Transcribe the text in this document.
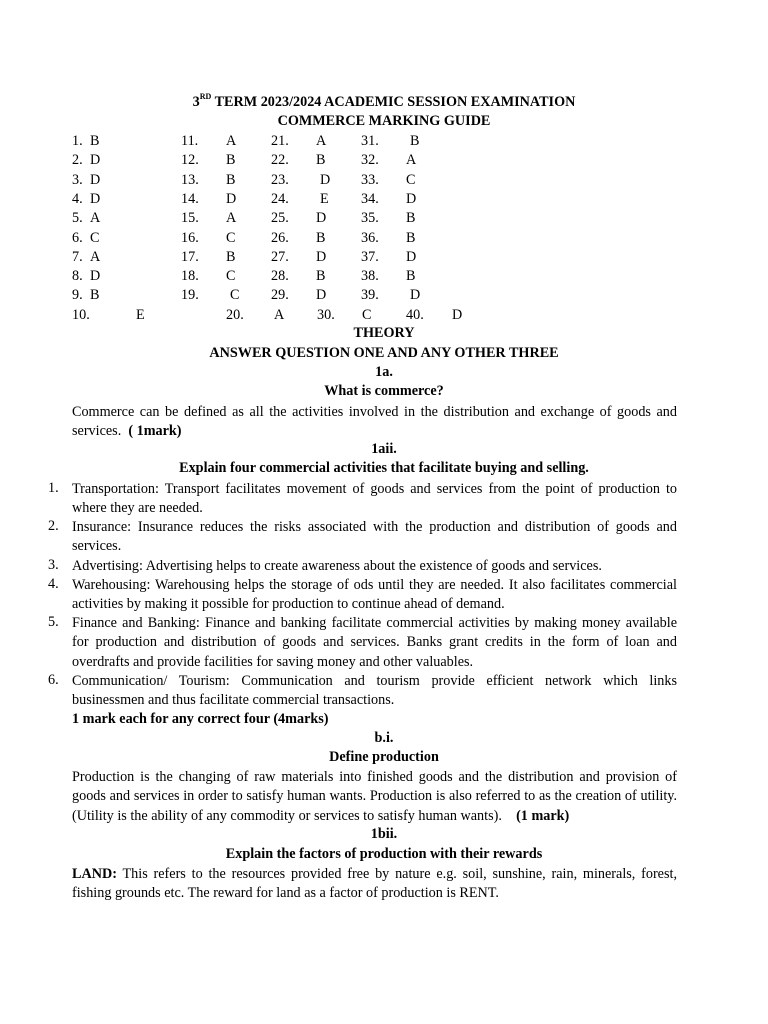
3RD TERM 2023/2024 ACADEMIC SESSION EXAMINATION
COMMERCE MARKING GUIDE
1. B
2. D
3. D
4. D
5. A
6. C
7. A
8. D
9. B
10.	E
11. A
12. B
13. B
14. D
15. A
16. C
17. B
18. C
19. C
20. A
21. A
22. B
23. D
24. E
25. D
26. B
27. D
28. B
29. D
30. C
31. B
32. A
33. C
34. D
35. B
36. B
37. D
38. B
39. D
40. D
THEORY
ANSWER QUESTION ONE AND ANY OTHER THREE
1a.
What is commerce?
Commerce can be defined as all the activities involved in the distribution and exchange of goods and services. ( 1mark)
1aii.
Explain four commercial activities that facilitate buying and selling.
1. Transportation: Transport facilitates movement of goods and services from the point of production to where they are needed.
2. Insurance: Insurance reduces the risks associated with the production and distribution of goods and services.
3. Advertising: Advertising helps to create awareness about the existence of goods and services.
4. Warehousing: Warehousing helps the storage of ods until they are needed. It also facilitates commercial activities by making it possible for production to continue ahead of demand.
5. Finance and Banking: Finance and banking facilitate commercial activities by making money available for production and distribution of goods and services. Banks grant credits in the form of loan and overdrafts and provide facilities for saving money and other valuables.
6. Communication/ Tourism: Communication and tourism provide efficient network which links businessmen and thus facilitate commercial transactions.
1 mark each for any correct four (4marks)
b.i.
Define production
Production is the changing of raw materials into finished goods and the distribution and provision of goods and services in order to satisfy human wants. Production is also referred to as the creation of utility. (Utility is the ability of any commodity or services to satisfy human wants). (1 mark)
1bii.
Explain the factors of production with their rewards
LAND: This refers to the resources provided free by nature e.g. soil, sunshine, rain, minerals, forest, fishing grounds etc. The reward for land as a factor of production is RENT.
